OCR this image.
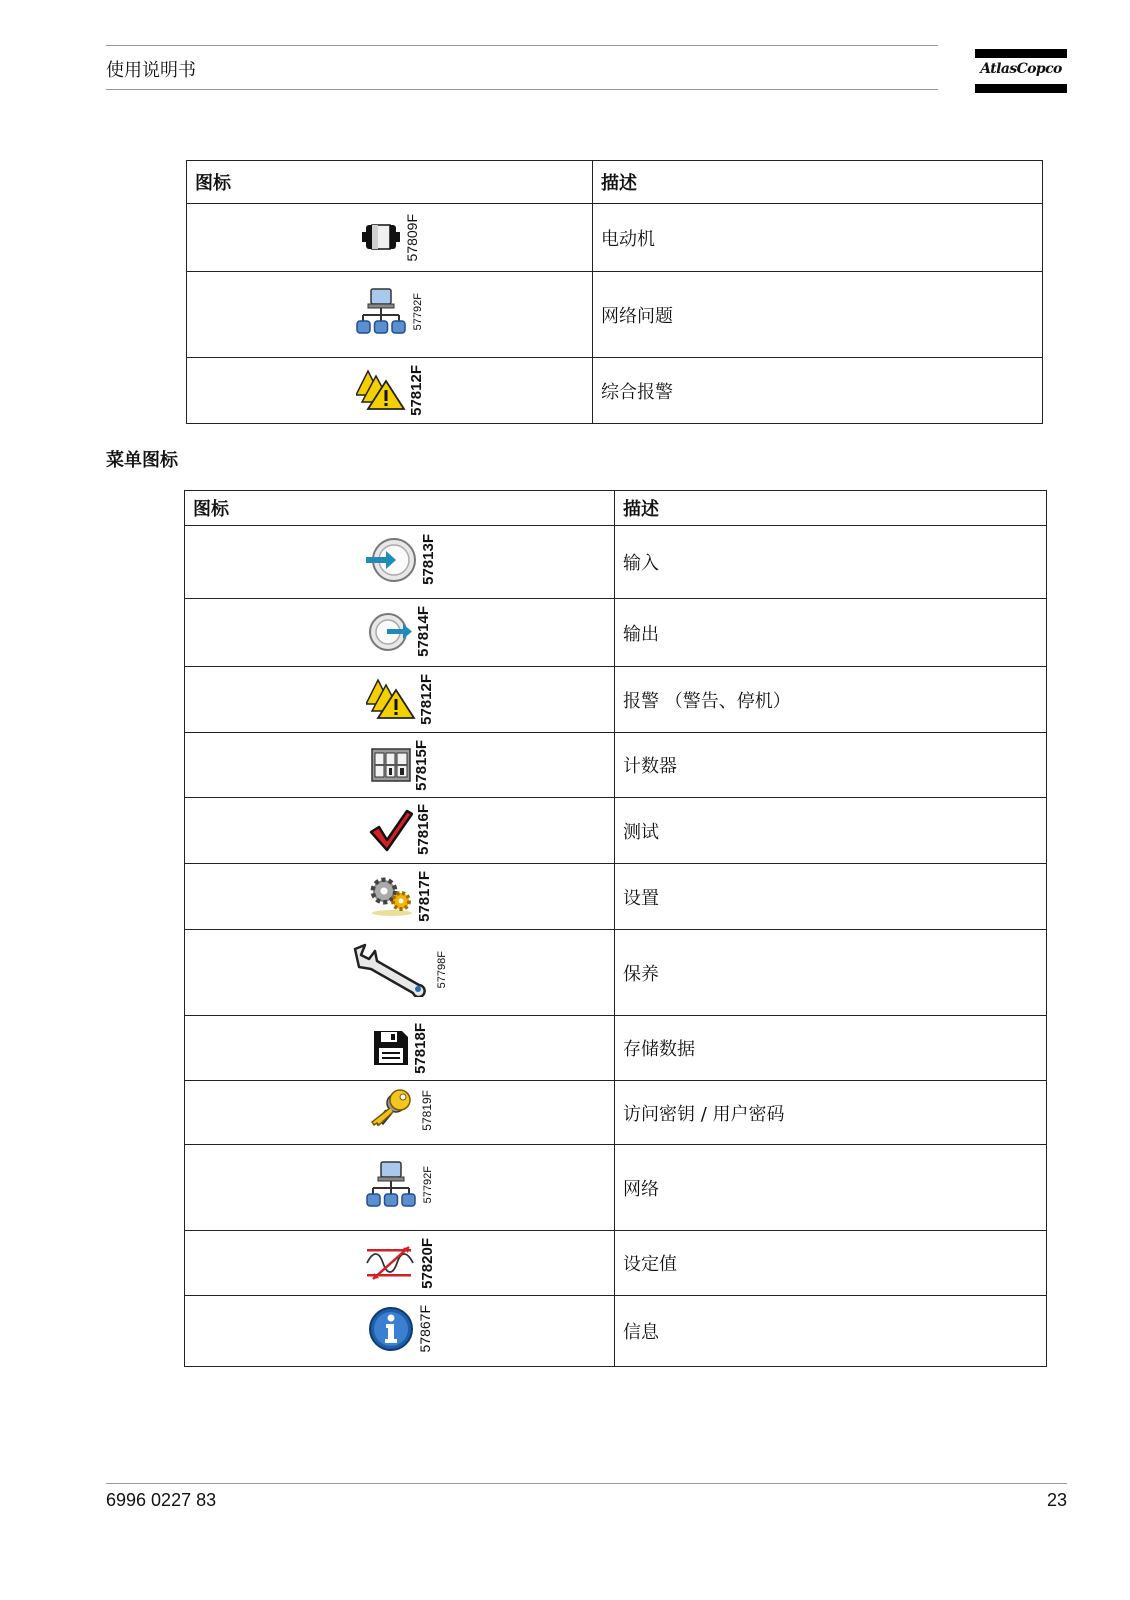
使用说明书	AtlasCopco
图标	描述

57809F	电动机

57792F	网络问题

57812F	综合报警
菜单图标
图标	描述

57813F	输入

57814F	输出

57812F	报警 （警告、停机）

57815F	计数器

57816F	测试

57817F	设置

57798F	保养

57818F	存储数据

57819F	访问密钥 / 用户密码

57792F	网络

57820F	设定值

57867F	信息
6996 0227 83	23
